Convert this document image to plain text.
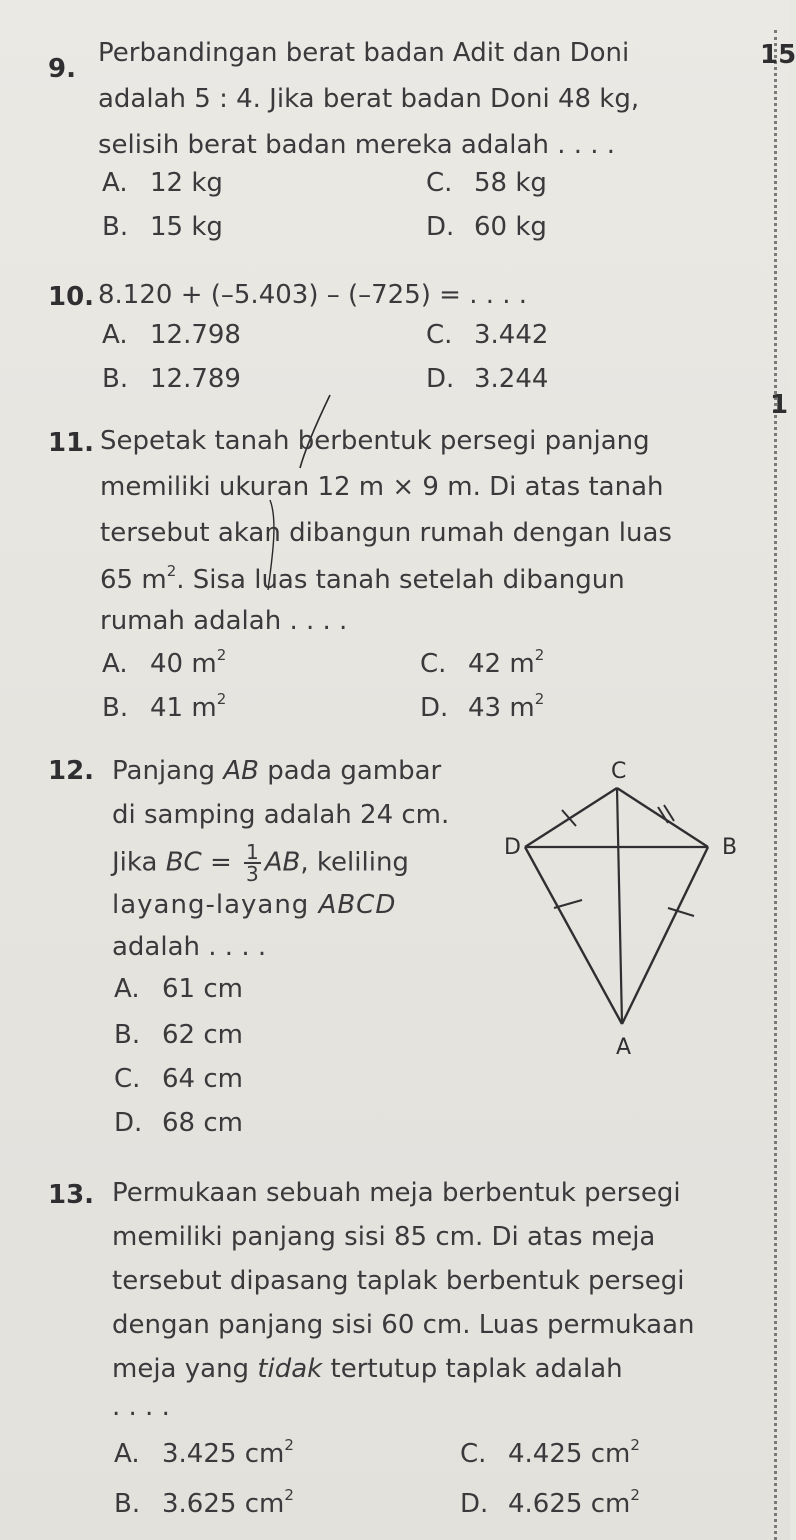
15
1
9.
Perbandingan berat badan Adit dan Doni
adalah 5 : 4. Jika berat badan Doni 48 kg,
selisih berat badan mereka adalah . . . .
A. 12 kg
B. 15 kg
C. 58 kg
D. 60 kg
10. 8.120 + (–5.403) – (–725) = . . . .
A. 12.798
B. 12.789
C. 3.442
D. 3.244
11. Sepetak tanah berbentuk persegi panjang
memiliki ukuran 12 m × 9 m. Di atas tanah
tersebut akan dibangun rumah dengan luas
65 $m^2$. Sisa luas tanah setelah dibangun
rumah adalah . . . .
A. 40 $m^2$
B. 41 $m^2$
C. 42 $m^2$
D. 43 $m^2$
12. Panjang AB pada gambar
di samping adalah 24 cm.
Jika BC = $\frac{1}{3}$ AB, keliling
layang-layang ABCD
adalah . . . .
A. 61 cm
B. 62 cm
C. 64 cm
D. 68 cm
C
D	B
A
13. Permukaan sebuah meja berbentuk persegi
memiliki panjang sisi 85 cm. Di atas meja
tersebut dipasang taplak berbentuk persegi
dengan panjang sisi 60 cm. Luas permukaan
meja yang tidak tertutup taplak adalah
. . . .
A. 3.425 $cm^2$
B. 3.625 $cm^2$
C. 4.425 $cm^2$
D. 4.625 $cm^2$
